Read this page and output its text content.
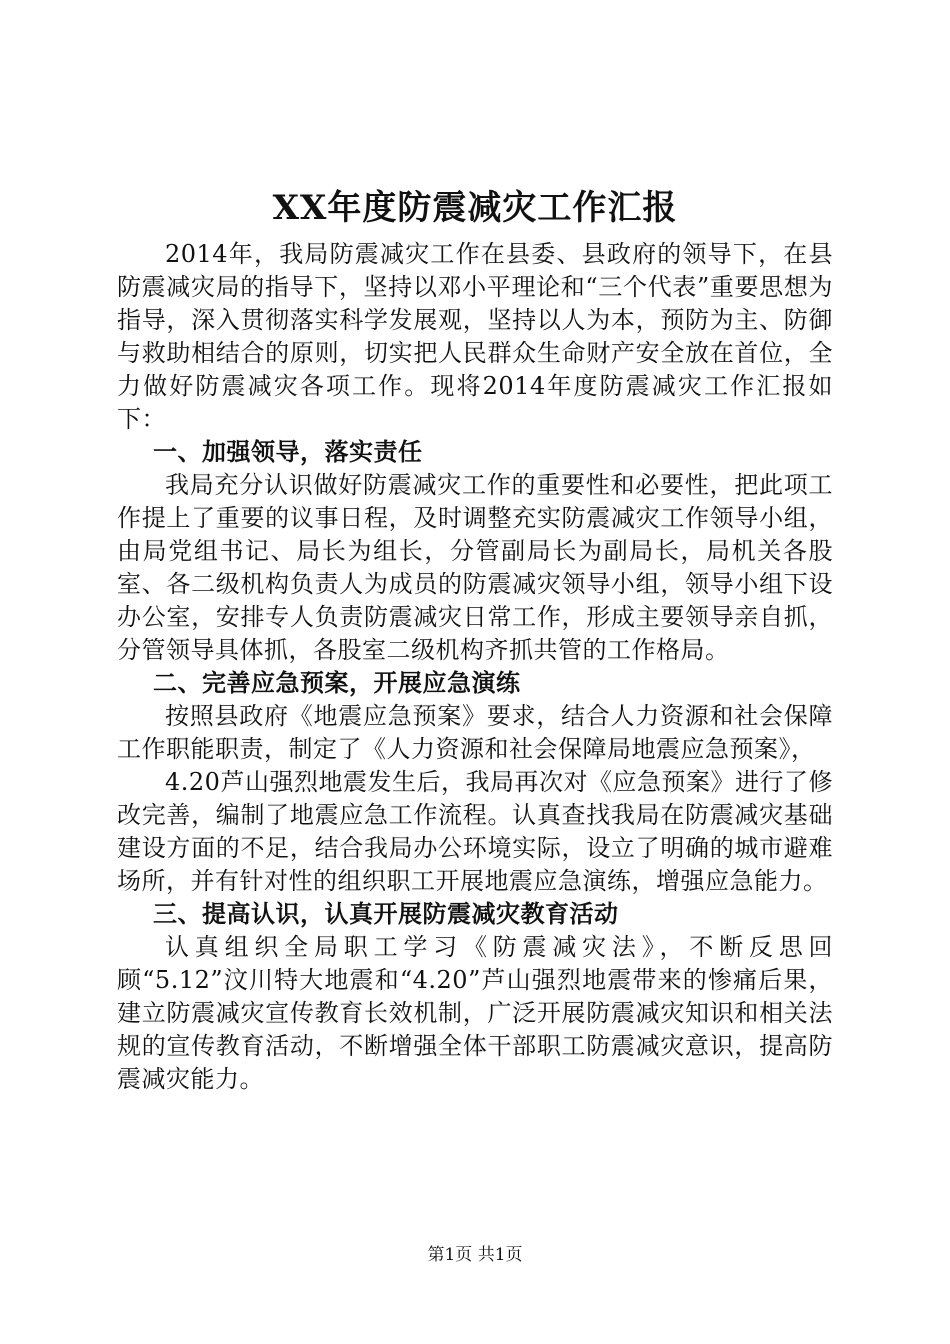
XX年度防震减灾工作汇报

2014年，我局防震减灾工作在县委、县政府的领导下，在县防震减灾局的指导下，坚持以邓小平理论和“三个代表”重要思想为指导，深入贯彻落实科学发展观，坚持以人为本，预防为主、防御与救助相结合的原则，切实把人民群众生命财产安全放在首位，全力做好防震减灾各项工作。现将2014年度防震减灾工作汇报如下：

一、加强领导，落实责任

我局充分认识做好防震减灾工作的重要性和必要性，把此项工作提上了重要的议事日程，及时调整充实防震减灾工作领导小组，由局党组书记、局长为组长，分管副局长为副局长，局机关各股室、各二级机构负责人为成员的防震减灾领导小组，领导小组下设办公室，安排专人负责防震减灾日常工作，形成主要领导亲自抓，分管领导具体抓，各股室二级机构齐抓共管的工作格局。

二、完善应急预案，开展应急演练

按照县政府《地震应急预案》要求，结合人力资源和社会保障工作职能职责，制定了《人力资源和社会保障局地震应急预案》，

4.20芦山强烈地震发生后，我局再次对《应急预案》进行了修改完善，编制了地震应急工作流程。认真查找我局在防震减灾基础建设方面的不足，结合我局办公环境实际，设立了明确的城市避难场所，并有针对性的组织职工开展地震应急演练，增强应急能力。

三、提高认识，认真开展防震减灾教育活动

认真组织全局职工学习《防震减灾法》，不断反思回顾“5.12”汶川特大地震和“4.20”芦山强烈地震带来的惨痛后果，建立防震减灾宣传教育长效机制，广泛开展防震减灾知识和相关法规的宣传教育活动，不断增强全体干部职工防震减灾意识，提高防震减灾能力。

第1页 共1页
